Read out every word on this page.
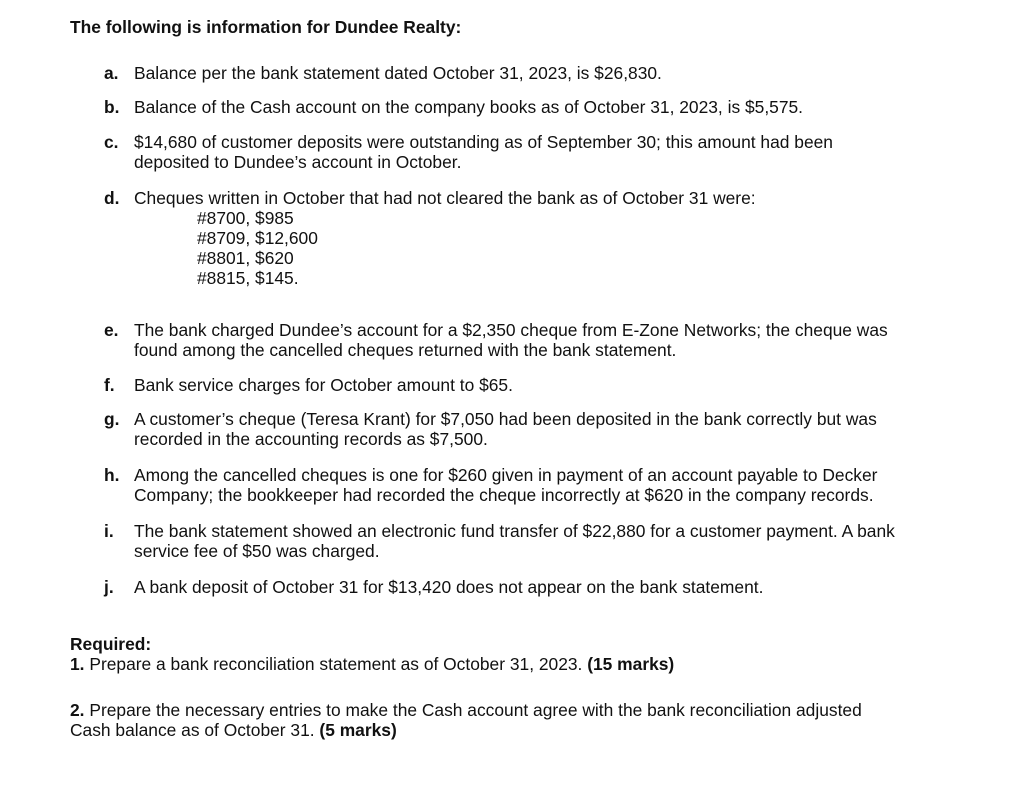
The following is information for Dundee Realty:
a. Balance per the bank statement dated October 31, 2023, is $26,830.
b. Balance of the Cash account on the company books as of October 31, 2023, is $5,575.
c. $14,680 of customer deposits were outstanding as of September 30; this amount had been
deposited to Dundee’s account in October.
d. Cheques written in October that had not cleared the bank as of October 31 were:
#8700, $985
#8709, $12,600
#8801, $620
#8815, $145.
e. The bank charged Dundee’s account for a $2,350 cheque from E-Zone Networks; the cheque was
found among the cancelled cheques returned with the bank statement.
f.	Bank service charges for October amount to $65.
g. A customer’s cheque (Teresa Krant) for $7,050 had been deposited in the bank correctly but was
recorded in the accounting records as $7,500.
h. Among the cancelled cheques is one for $260 given in payment of an account payable to Decker
Company; the bookkeeper had recorded the cheque incorrectly at $620 in the company records.
i.	The bank statement showed an electronic fund transfer of $22,880 for a customer payment. A bank
service fee of $50 was charged.
j.	A bank deposit of October 31 for $13,420 does not appear on the bank statement.
Required:
1. Prepare a bank reconciliation statement as of October 31, 2023. (15 marks)
2. Prepare the necessary entries to make the Cash account agree with the bank reconciliation adjusted
Cash balance as of October 31. (5 marks)
